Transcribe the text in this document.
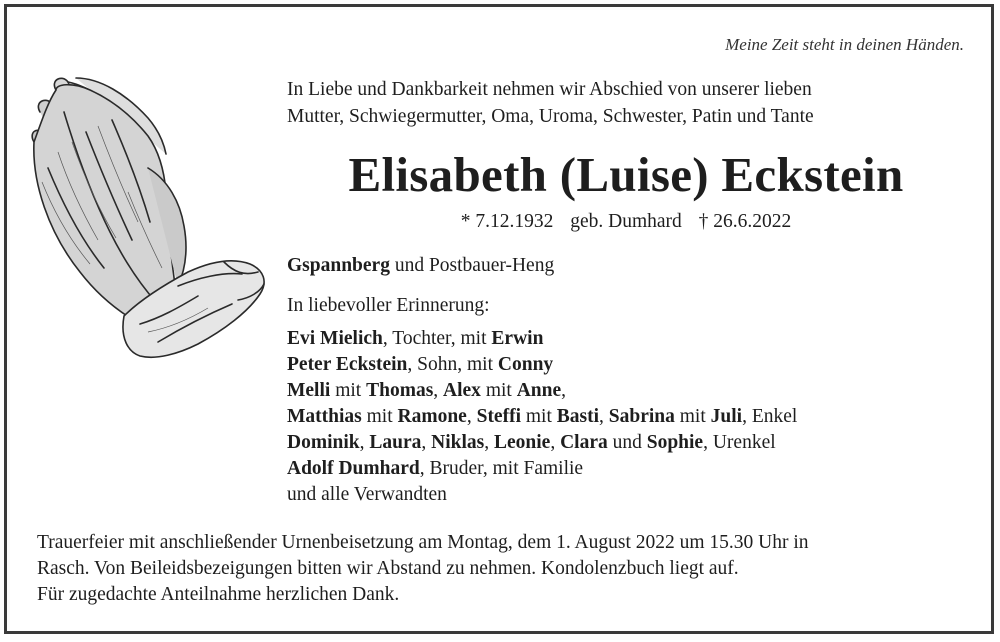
Meine Zeit steht in deinen Händen.
In Liebe und Dankbarkeit nehmen wir Abschied von unserer lieben
Mutter, Schwiegermutter, Oma, Uroma, Schwester, Patin und Tante
Elisabeth (Luise) Eckstein
* 7.12.1932 geb. Dumhard † 26.6.2022
Gspannberg und Postbauer-Heng
In liebevoller Erinnerung:
Evi Mielich, Tochter, mit Erwin
Peter Eckstein, Sohn, mit Conny
Melli mit Thomas, Alex mit Anne,
Matthias mit Ramone, Steffi mit Basti, Sabrina mit Juli, Enkel
Dominik, Laura, Niklas, Leonie, Clara und Sophie, Urenkel
Adolf Dumhard, Bruder, mit Familie
und alle Verwandten
Trauerfeier mit anschließender Urnenbeisetzung am Montag, dem 1. August 2022 um 15.30 Uhr in
Rasch. Von Beileidsbezeigungen bitten wir Abstand zu nehmen. Kondolenzbuch liegt auf.
Für zugedachte Anteilnahme herzlichen Dank.
